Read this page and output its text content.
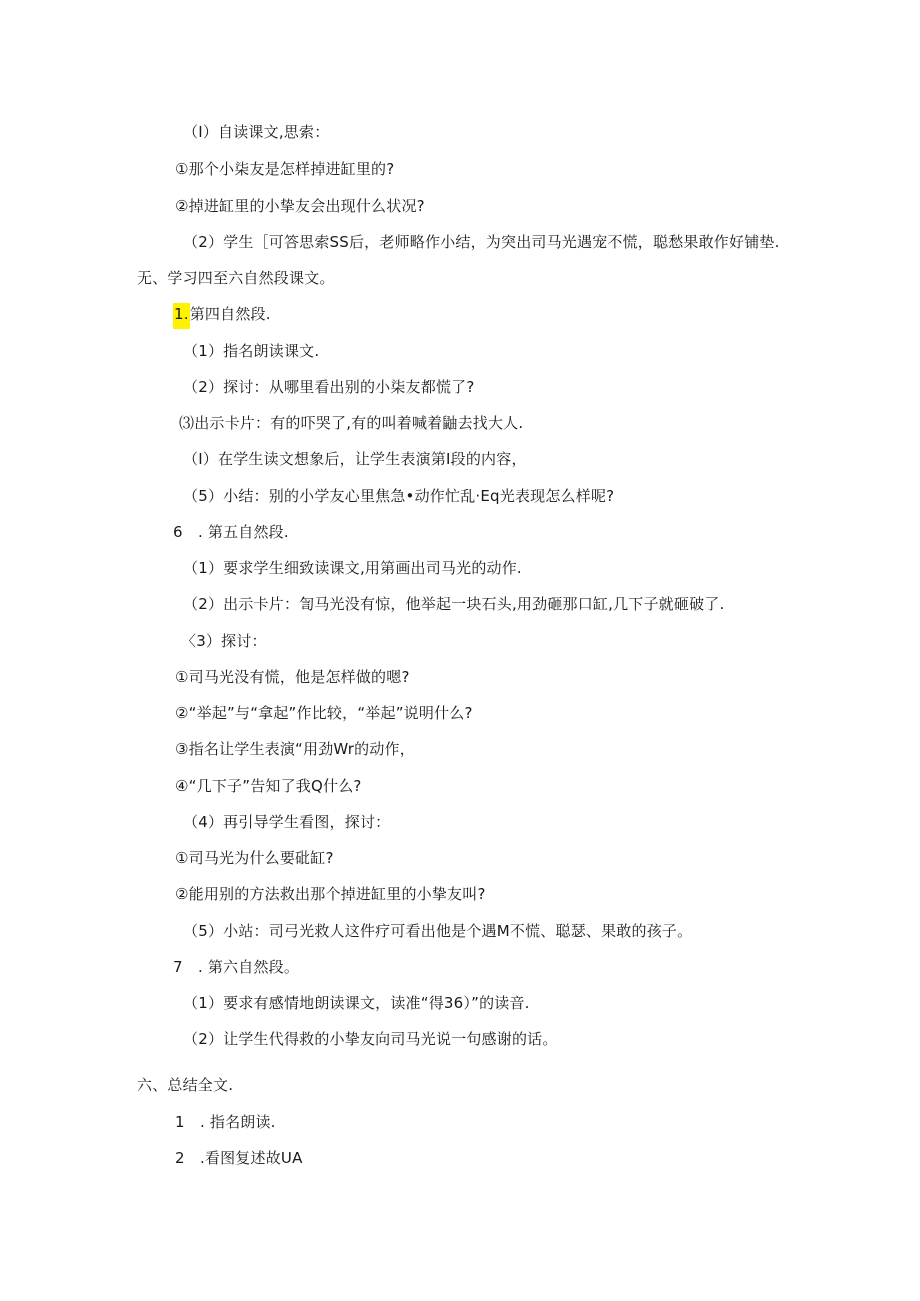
（I）自读课文,思索：
①那个小柒友是怎样掉进缸里的?
②掉进缸里的小挚友会出现什么状况?
（2）学生［可答思索SS后，老师略作小结，为突出司马光遇宠不慌，聪愁果敢作好铺垫.
无、学习四至六自然段课文。
1.第四自然段.
（1）指名朗读课文.
（2）探讨：从哪里看出别的小柒友都慌了?
⑶出示卡片：有的吓哭了,有的叫着喊着鼬去找大人.
（I）在学生读文想象后，让学生表演第I段的内容，
（5）小结：别的小学友心里焦急•动作忙乱·Eq光表现怎么样呢?
6　. 第五自然段.
（1）要求学生细致读课文,用第画出司马光的动作.
（2）出示卡片：訇马光没有惊，他举起一块石头,用劲砸那口缸,几下子就砸破了.
〈3）探讨：
①司马光没有慌，他是怎样做的嗯?
②“举起”与“拿起”作比较，“举起”说明什么?
③指名让学生表演“用劲Wr的动作，
④“几下子”告知了我Q什么?
（4）再引导学生看图，探讨：
①司马光为什么要砒缸?
②能用别的方法救出那个掉进缸里的小挚友叫?
（5）小站：司弓光救人这件疗可看出他是个遇M不慌、聪瑟、果敢的孩子。
7　. 第六自然段。
（1）要求有感情地朗读课文，读准“得36）”的读音.
（2）让学生代得救的小挚友向司马光说一句感谢的话。
六、总结全文.
1　. 指名朗读.
2　.看图复述故UA
